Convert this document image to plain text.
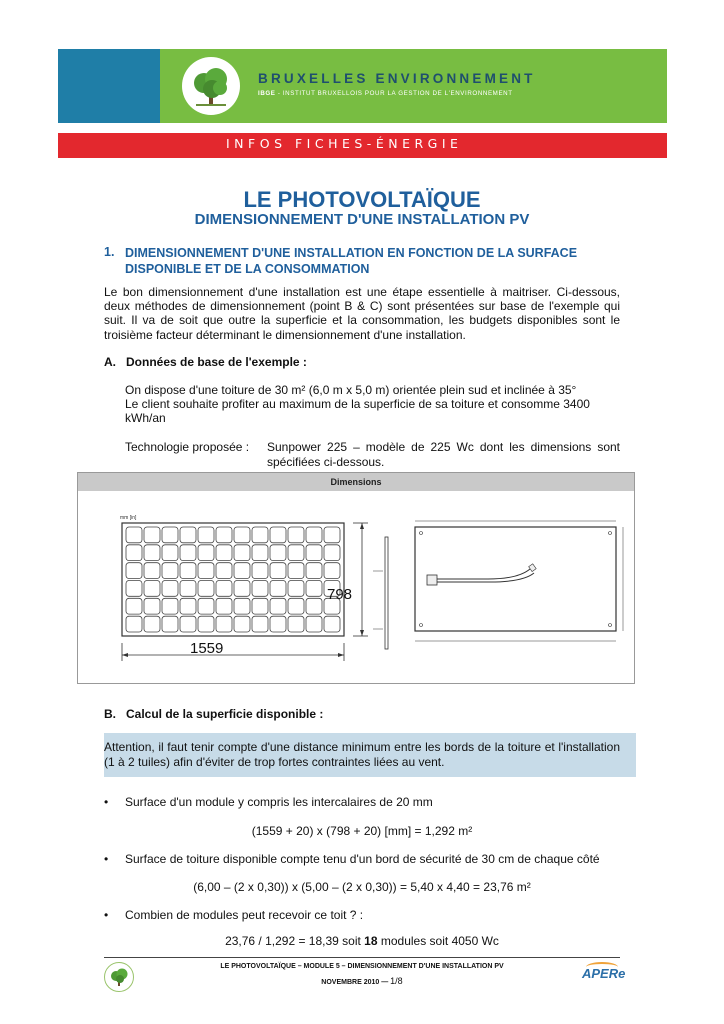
BRUXELLES ENVIRONNEMENT
IBGE - INSTITUT BRUXELLOIS POUR LA GESTION DE L'ENVIRONNEMENT
INFOS FICHES-ÉNERGIE
LE PHOTOVOLTAÏQUE
DIMENSIONNEMENT D'UNE INSTALLATION PV
1. DIMENSIONNEMENT D'UNE INSTALLATION EN FONCTION DE LA SURFACE DISPONIBLE ET DE LA CONSOMMATION
Le bon dimensionnement d'une installation est une étape essentielle à maitriser. Ci-dessous, deux méthodes de dimensionnement (point B & C) sont présentées sur base de l'exemple qui suit. Il va de soit que outre la superficie et la consommation, les budgets disponibles sont le troisième facteur déterminant le dimensionnement d'une installation.
A. Données de base de l'exemple :
On dispose d'une toiture de 30 m² (6,0 m x 5,0 m) orientée plein sud et inclinée à 35°
Le client souhaite profiter au maximum de la superficie de sa toiture et consomme 3400 kWh/an
Technologie proposée : Sunpower 225 – modèle de 225 Wc dont les dimensions sont spécifiées ci-dessous.
Dimensions
mm [in]
1559
798
B. Calcul de la superficie disponible :
Attention, il faut tenir compte d'une distance minimum entre les bords de la toiture et l'installation (1 à 2 tuiles) afin d'éviter de trop fortes contraintes liées au vent.
• Surface d'un module y compris les intercalaires de 20 mm
(1559 + 20) x (798 + 20) [mm] = 1,292 m²
• Surface de toiture disponible compte tenu d'un bord de sécurité de 30 cm de chaque côté
(6,00 – (2 x 0,30)) x (5,00 – (2 x 0,30)) = 5,40 x 4,40 = 23,76 m²
• Combien de modules peut recevoir ce toit ? :
23,76 / 1,292 = 18,39 soit 18 modules soit 4050 Wc
LE PHOTOVOLTAÏQUE – MODULE 5 – DIMENSIONNEMENT D'UNE INSTALLATION PV
NOVEMBRE 2010 — 1/8	APERe
